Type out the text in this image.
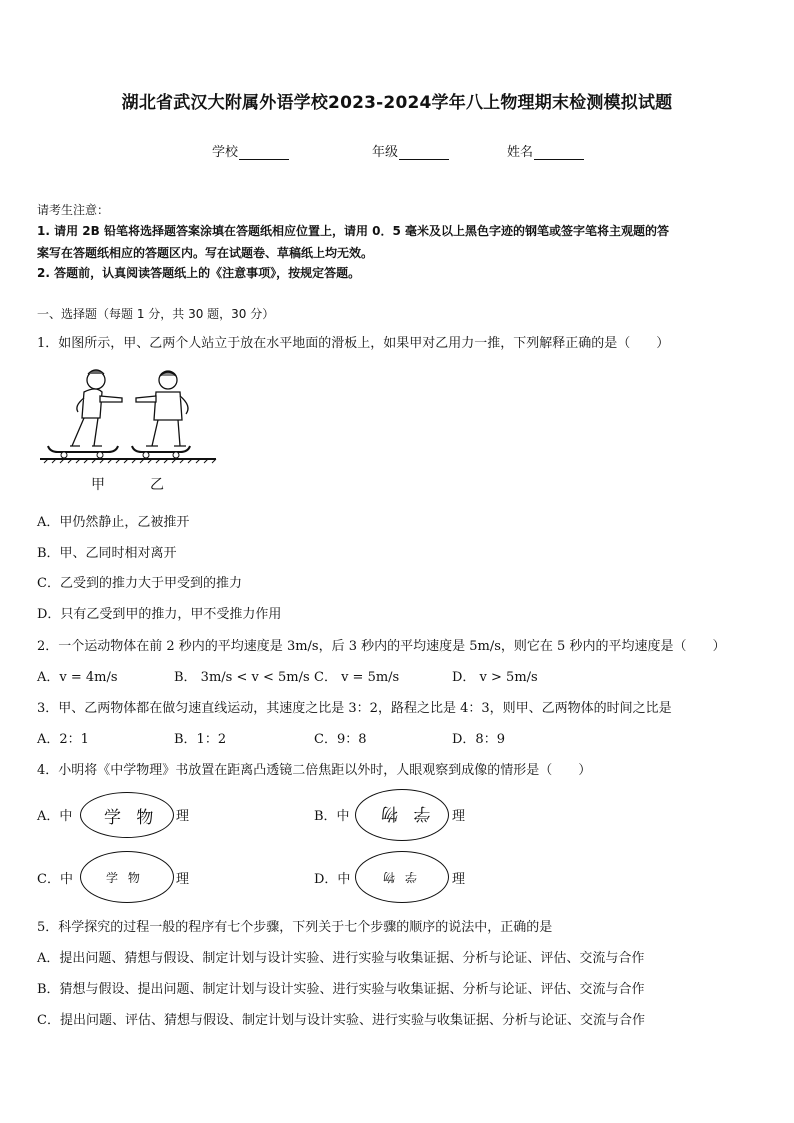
湖北省武汉大附属外语学校2023-2024学年八上物理期末检测模拟试题
学校	年级	姓名
请考生注意：
1. 请用 2B 铅笔将选择题答案涂填在答题纸相应位置上，请用 0．5 毫米及以上黑色字迹的钢笔或签字笔将主观题的答
案写在答题纸相应的答题区内。写在试题卷、草稿纸上均无效。
2. 答题前，认真阅读答题纸上的《注意事项》，按规定答题。
一、选择题（每题 1 分，共 30 题，30 分）
1．如图所示，甲、乙两个人站立于放在水平地面的滑板上，如果甲对乙用力一推，下列解释正确的是（　　）
甲	乙
A．甲仍然静止，乙被推开
B．甲、乙同时相对离开
C．乙受到的推力大于甲受到的推力
D．只有乙受到甲的推力，甲不受推力作用
2．一个运动物体在前 2 秒内的平均速度是 3m/s，后 3 秒内的平均速度是 5m/s，则它在 5 秒内的平均速度是（　　）
A．v = 4m/s	B． 3m/s < v < 5m/s C． v = 5m/s	D． v > 5m/s
3．甲、乙两物体都在做匀速直线运动，其速度之比是 3：2，路程之比是 4：3，则甲、乙两物体的时间之比是
A．2：1	B．1：2	C．9：8	D．8：9
4．小明将《中学物理》书放置在距离凸透镜二倍焦距以外时，人眼观察到成像的情形是（　　）
A．中 学 物 理	B．中 学 物 理
C．中	学 物	理	D．中 学 物	理
5．科学探究的过程一般的程序有七个步骤，下列关于七个步骤的顺序的说法中，正确的是
A．提出问题、猜想与假设、制定计划与设计实验、进行实验与收集证据、分析与论证、评估、交流与合作
B．猜想与假设、提出问题、制定计划与设计实验、进行实验与收集证据、分析与论证、评估、交流与合作
C．提出问题、评估、猜想与假设、制定计划与设计实验、进行实验与收集证据、分析与论证、交流与合作
